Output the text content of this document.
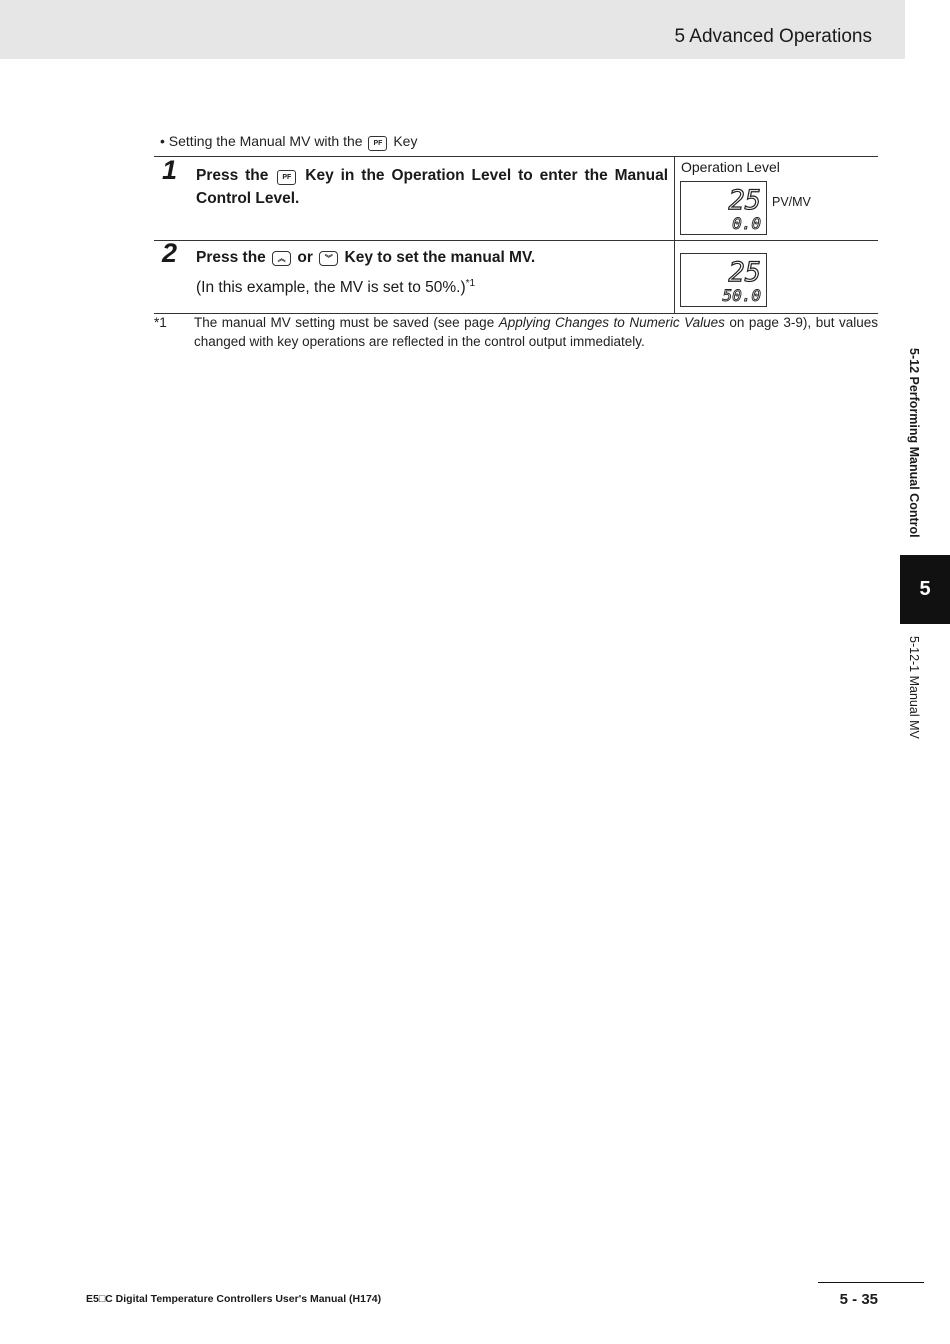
5 Advanced Operations
• Setting the Manual MV with the PF Key
1 Press the PF Key in the Operation Level to enter the Manual Control Level.
Operation Level
25
0.0
PV/MV
2 Press the ︽ or ︾ Key to set the manual MV.
(In this example, the MV is set to 50%.)$^{*1}$	25
50.0
*1 The manual MV setting must be saved (see page Applying Changes to Numeric Values on page 3-9), but values changed with key operations are reflected in the control output immediately.
5-12 Performing Manual Control
5
5-12-1 Manual MV
E5□C Digital Temperature Controllers User's Manual (H174)	5 - 35
